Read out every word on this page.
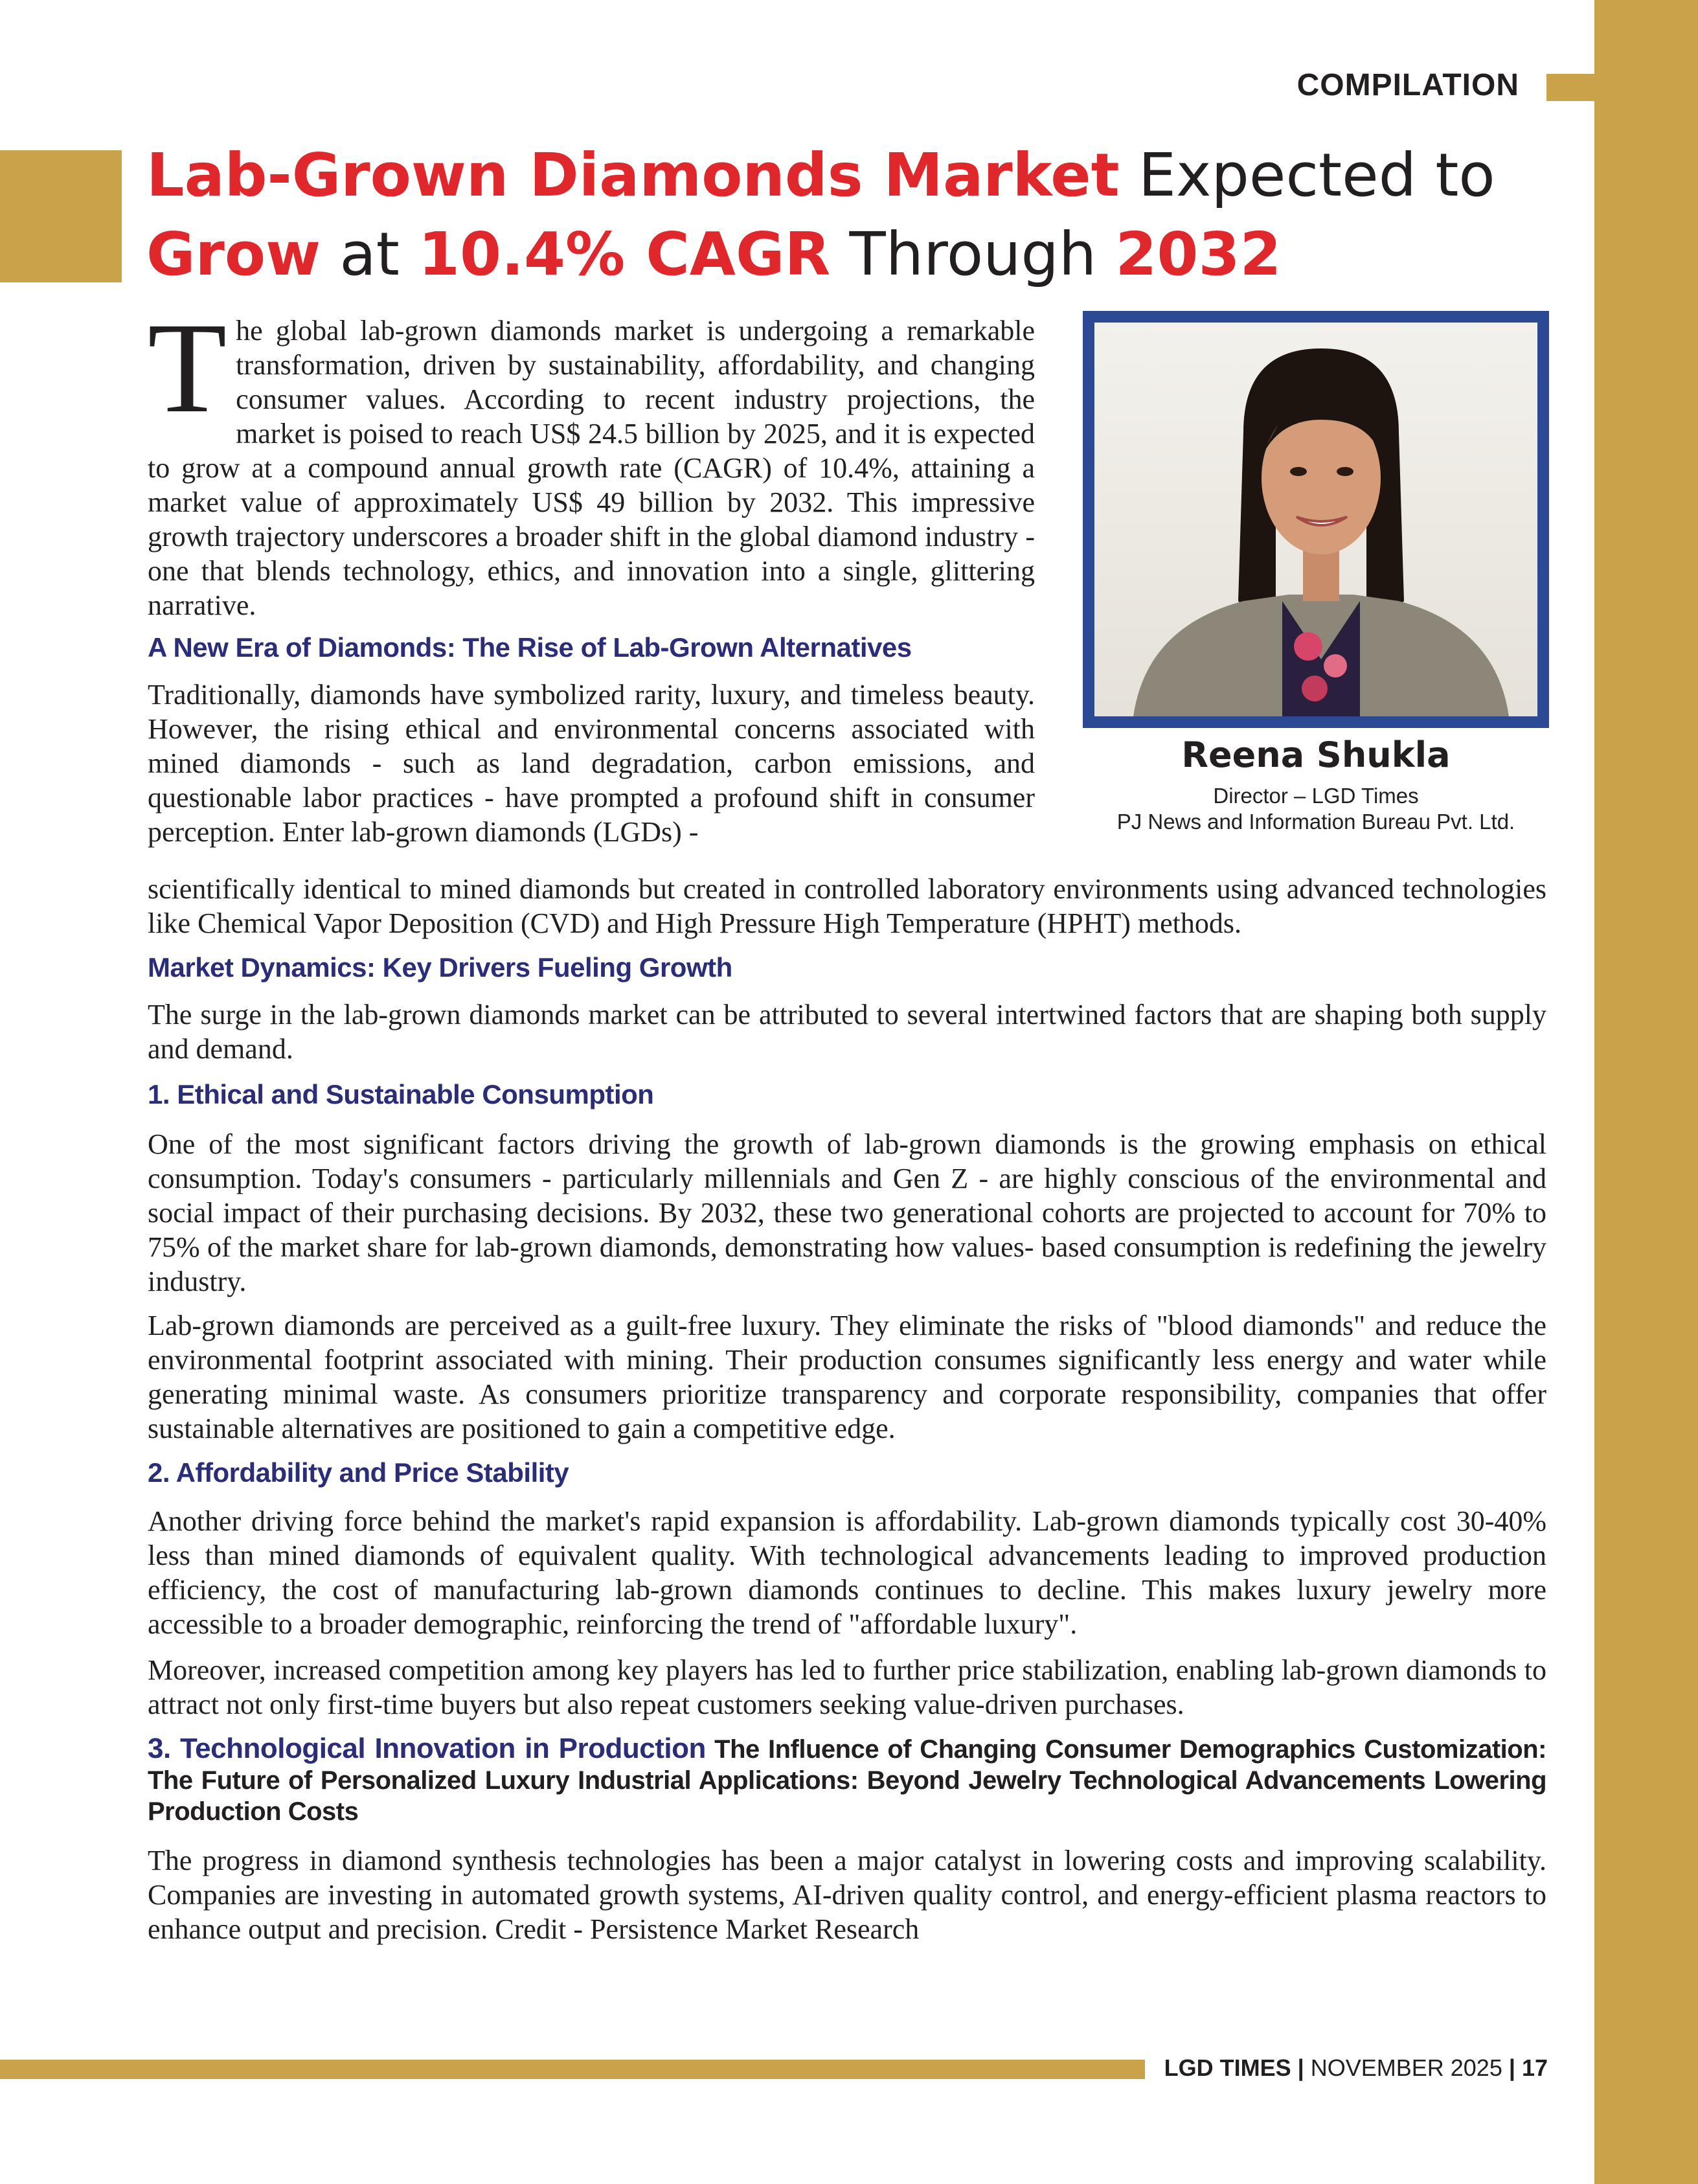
COMPILATION
Lab-Grown Diamonds Market Expected to
Grow at 10.4% CAGR Through 2032

The global lab-grown diamonds market is undergoing a remarkable transformation, driven by sustainability, affordability, and changing consumer values. According to recent industry projections, the market is poised to reach US$ 24.5 billion by 2025, and it is expected to grow at a compound annual growth rate (CAGR) of 10.4%, attaining a market value of approximately US$ 49 billion by 2032. This impressive growth trajectory underscores a broader shift in the global diamond industry - one that blends technology, ethics, and innovation into a single, glittering narrative.

Reena Shukla
Director – LGD Times
PJ News and Information Bureau Pvt. Ltd.
A New Era of Diamonds: The Rise of Lab-Grown Alternatives

Traditionally, diamonds have symbolized rarity, luxury, and timeless beauty. However, the rising ethical and environmental concerns associated with mined diamonds - such as land degradation, carbon emissions, and questionable labor practices - have prompted a profound shift in consumer perception. Enter lab-grown diamonds (LGDs) -

scientifically identical to mined diamonds but created in controlled laboratory environments using advanced technologies like Chemical Vapor Deposition (CVD) and High Pressure High Temperature (HPHT) methods.

Market Dynamics: Key Drivers Fueling Growth

The surge in the lab-grown diamonds market can be attributed to several intertwined factors that are shaping both supply and demand.

1. Ethical and Sustainable Consumption

One of the most significant factors driving the growth of lab-grown diamonds is the growing emphasis on ethical consumption. Today's consumers - particularly millennials and Gen Z - are highly conscious of the environmental and social impact of their purchasing decisions. By 2032, these two generational cohorts are projected to account for 70% to 75% of the market share for lab-grown diamonds, demonstrating how values- based consumption is redefining the jewelry industry.

Lab-grown diamonds are perceived as a guilt-free luxury. They eliminate the risks of "blood diamonds" and reduce the environmental footprint associated with mining. Their production consumes significantly less energy and water while generating minimal waste. As consumers prioritize transparency and corporate responsibility, companies that offer sustainable alternatives are positioned to gain a competitive edge.

2. Affordability and Price Stability

Another driving force behind the market's rapid expansion is affordability. Lab-grown diamonds typically cost 30-40% less than mined diamonds of equivalent quality. With technological advancements leading to improved production efficiency, the cost of manufacturing lab-grown diamonds continues to decline. This makes luxury jewelry more accessible to a broader demographic, reinforcing the trend of "affordable luxury".

Moreover, increased competition among key players has led to further price stabilization, enabling lab-grown diamonds to attract not only first-time buyers but also repeat customers seeking value-driven purchases.

3. Technological Innovation in Production The Influence of Changing Consumer Demographics Customization: The Future of Personalized Luxury Industrial Applications: Beyond Jewelry Technological Advancements Lowering Production Costs

The progress in diamond synthesis technologies has been a major catalyst in lowering costs and improving scalability. Companies are investing in automated growth systems, AI-driven quality control, and energy-efficient plasma reactors to enhance output and precision. Credit - Persistence Market Research

LGD TIMES | NOVEMBER 2025 | 17
